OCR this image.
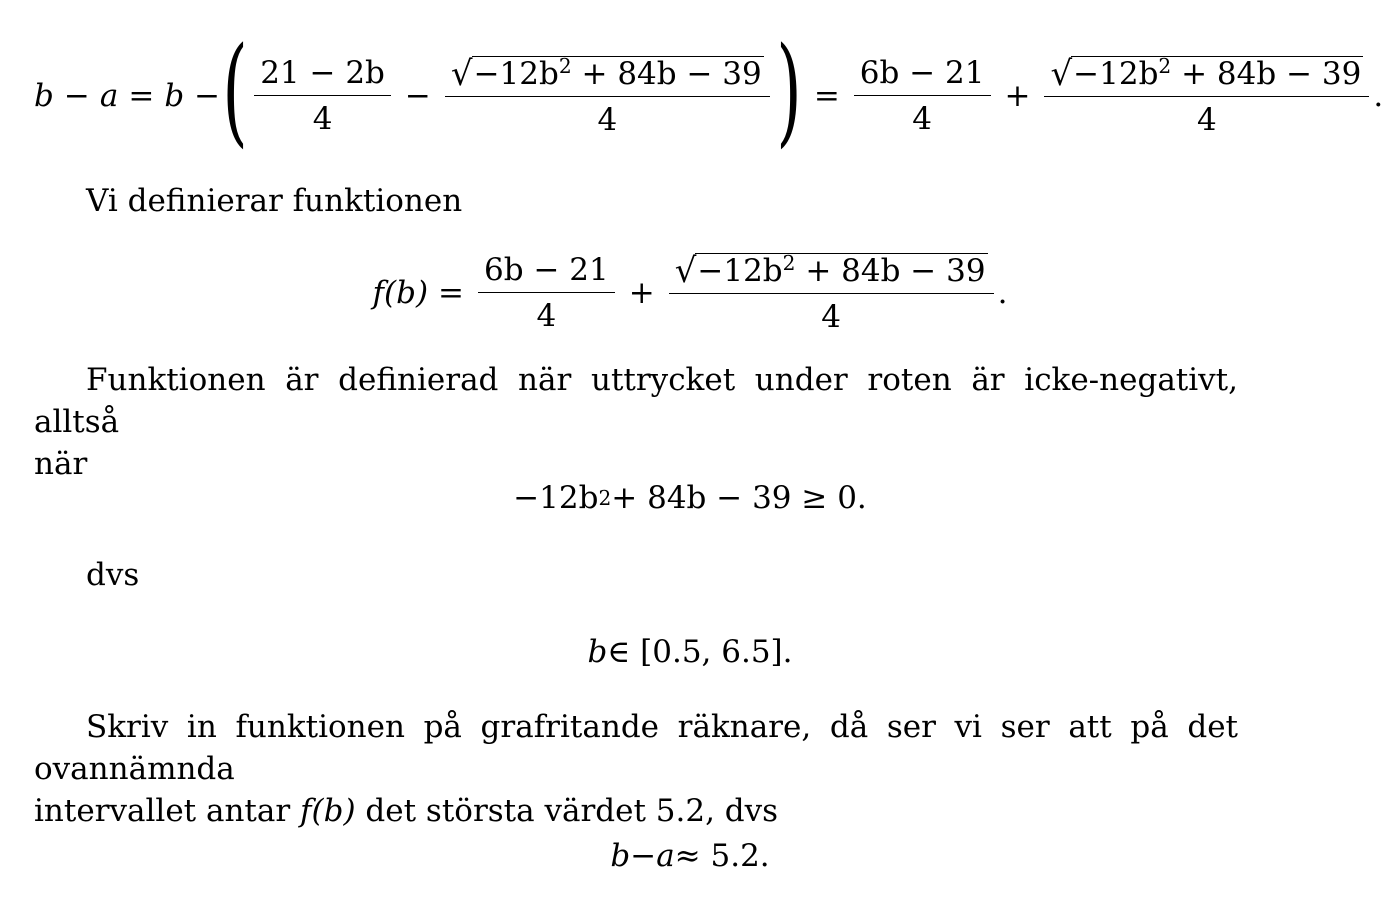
b − a = b − ( $\frac{21 - 2b}{4} - \frac{√ -12b^2 + 84b - 39}{4}$ ) = $\frac{6b - 21}{4} + \frac{√ -12b^2 + 84b - 39}{4}$ .
Vi definierar funktionen
$f(b) = \frac{6b - 21}{4} + \frac{√ -12b^2 + 84b - 39}{4}$ .
Funktionen är definierad när uttrycket under roten är icke-negativt, alltså
när
−12b 2 + 84b − 39 ≥ 0.
dvs
b ∈ [0.5, 6.5].
Skriv in funktionen på grafritande räknare, då ser vi ser att på det ovannämnda
intervallet antar f(b) det största värdet 5.2, dvs
b − a ≈ 5.2.
